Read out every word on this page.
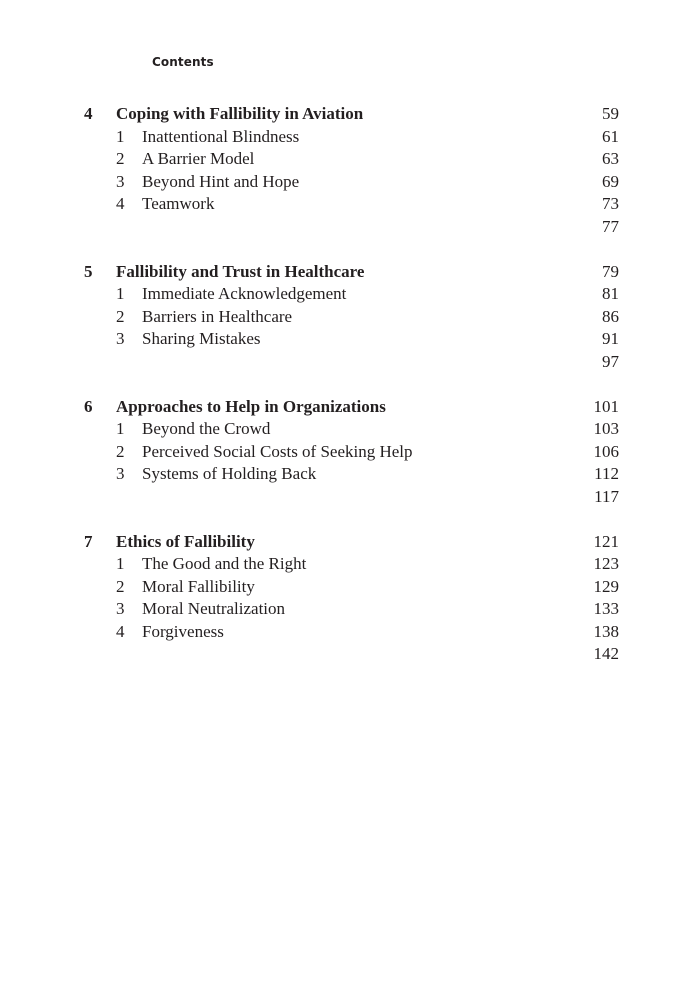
Contents
4 Coping with Fallibility in Aviation	59
1 Inattentional Blindness	61
2 A Barrier Model	63
3 Beyond Hint and Hope	69
4 Teamwork	73
77
5 Fallibility and Trust in Healthcare	79
1 Immediate Acknowledgement	81
2 Barriers in Healthcare	86
3 Sharing Mistakes	91
97
6 Approaches to Help in Organizations	101
1 Beyond the Crowd	103
2 Perceived Social Costs of Seeking Help	106
3 Systems of Holding Back	112
117
7 Ethics of Fallibility	121
1 The Good and the Right	123
2 Moral Fallibility	129
3 Moral Neutralization	133
4 Forgiveness	138
142
